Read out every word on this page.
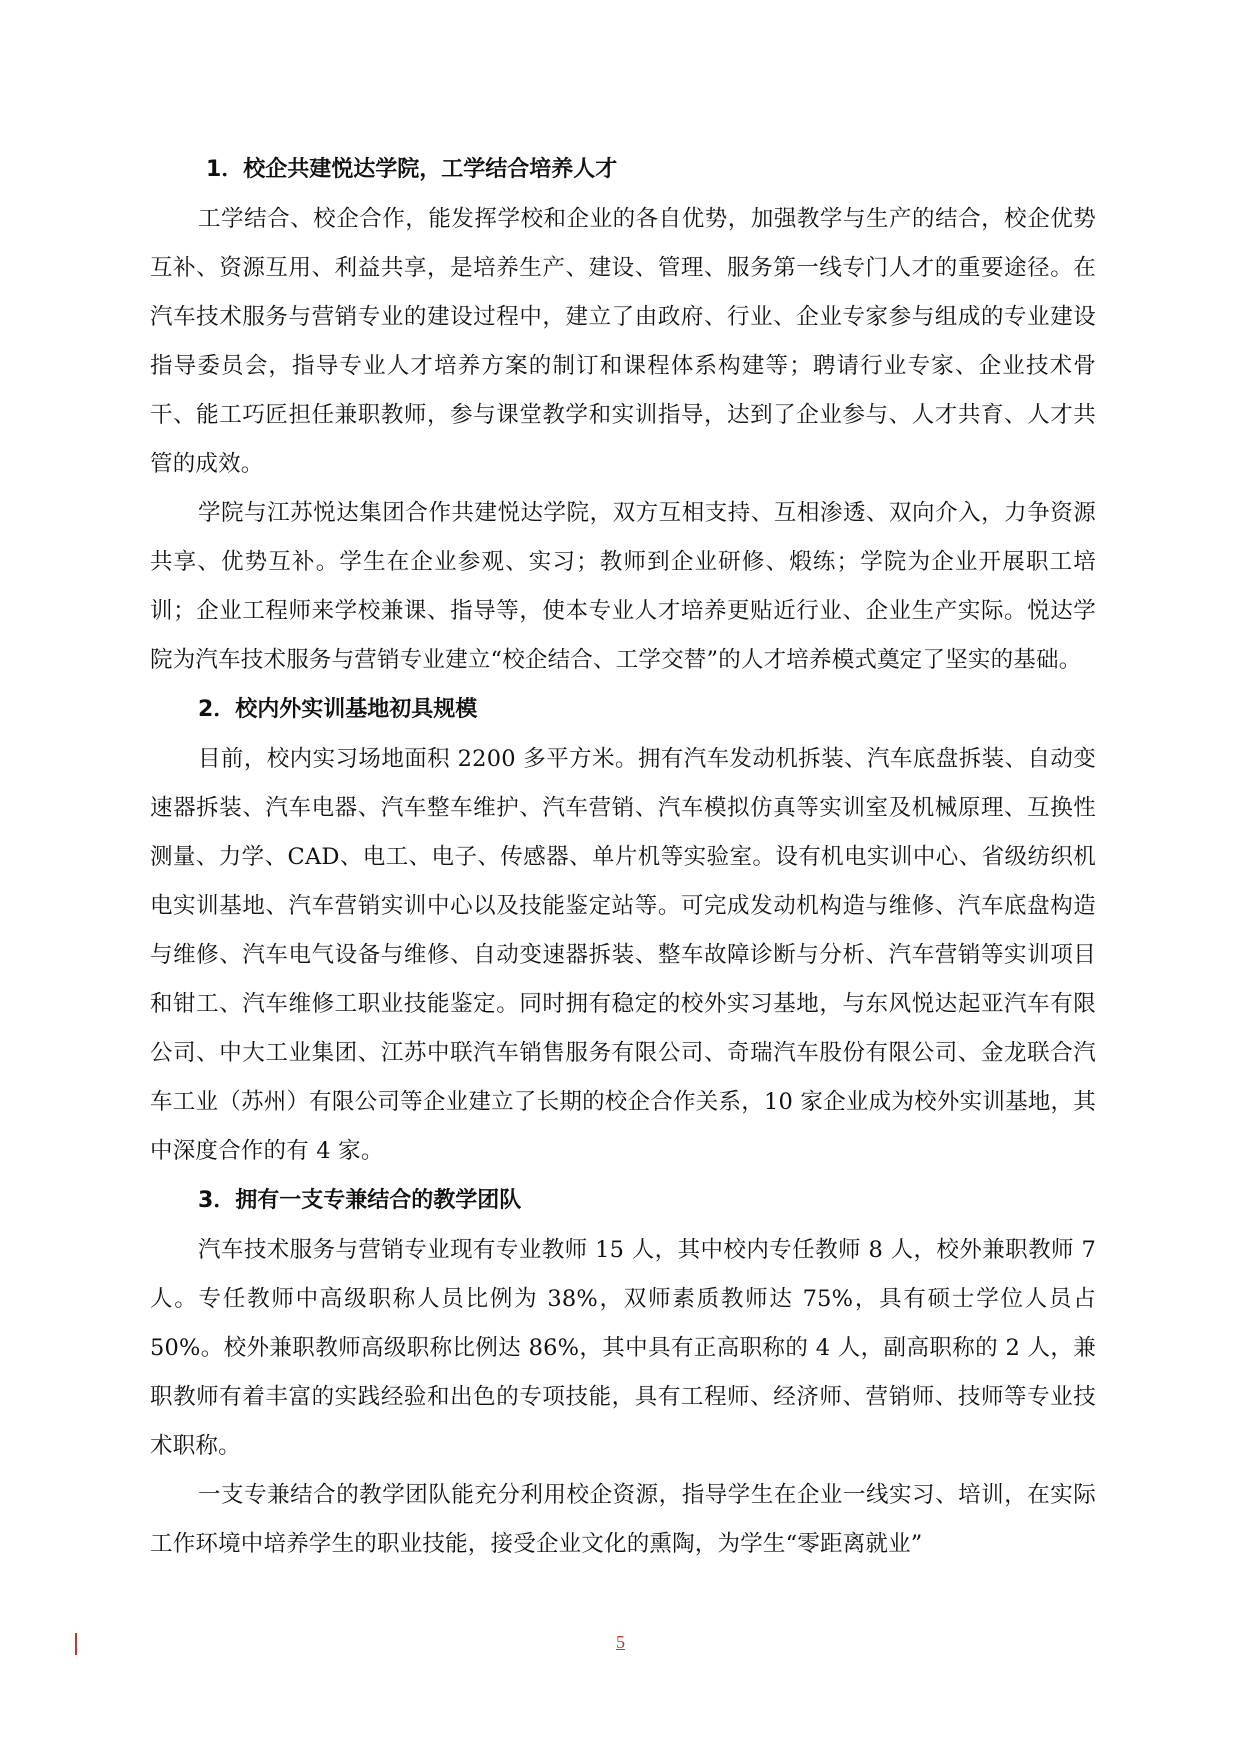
1．校企共建悦达学院，工学结合培养人才

工学结合、校企合作，能发挥学校和企业的各自优势，加强教学与生产的结合，校企优势互补、资源互用、利益共享，是培养生产、建设、管理、服务第一线专门人才的重要途径。在汽车技术服务与营销专业的建设过程中，建立了由政府、行业、企业专家参与组成的专业建设指导委员会，指导专业人才培养方案的制订和课程体系构建等；聘请行业专家、企业技术骨干、能工巧匠担任兼职教师，参与课堂教学和实训指导，达到了企业参与、人才共育、人才共管的成效。

学院与江苏悦达集团合作共建悦达学院，双方互相支持、互相渗透、双向介入，力争资源共享、优势互补。学生在企业参观、实习；教师到企业研修、煅练；学院为企业开展职工培训；企业工程师来学校兼课、指导等，使本专业人才培养更贴近行业、企业生产实际。悦达学院为汽车技术服务与营销专业建立“校企结合、工学交替”的人才培养模式奠定了坚实的基础。

2．校内外实训基地初具规模

目前，校内实习场地面积 2200 多平方米。拥有汽车发动机拆装、汽车底盘拆装、自动变速器拆装、汽车电器、汽车整车维护、汽车营销、汽车模拟仿真等实训室及机械原理、互换性测量、力学、CAD、电工、电子、传感器、单片机等实验室。设有机电实训中心、省级纺织机电实训基地、汽车营销实训中心以及技能鉴定站等。可完成发动机构造与维修、汽车底盘构造与维修、汽车电气设备与维修、自动变速器拆装、整车故障诊断与分析、汽车营销等实训项目和钳工、汽车维修工职业技能鉴定。同时拥有稳定的校外实习基地，与东风悦达起亚汽车有限公司、中大工业集团、江苏中联汽车销售服务有限公司、奇瑞汽车股份有限公司、金龙联合汽车工业（苏州）有限公司等企业建立了长期的校企合作关系，10 家企业成为校外实训基地，其中深度合作的有 4 家。

3．拥有一支专兼结合的教学团队

汽车技术服务与营销专业现有专业教师 15 人，其中校内专任教师 8 人，校外兼职教师 7 人。专任教师中高级职称人员比例为 38%，双师素质教师达 75%，具有硕士学位人员占 50%。校外兼职教师高级职称比例达 86%，其中具有正高职称的 4 人，副高职称的 2 人，兼职教师有着丰富的实践经验和出色的专项技能，具有工程师、经济师、营销师、技师等专业技术职称。

一支专兼结合的教学团队能充分利用校企资源，指导学生在企业一线实习、培训，在实际工作环境中培养学生的职业技能，接受企业文化的熏陶，为学生“零距离就业”

5
